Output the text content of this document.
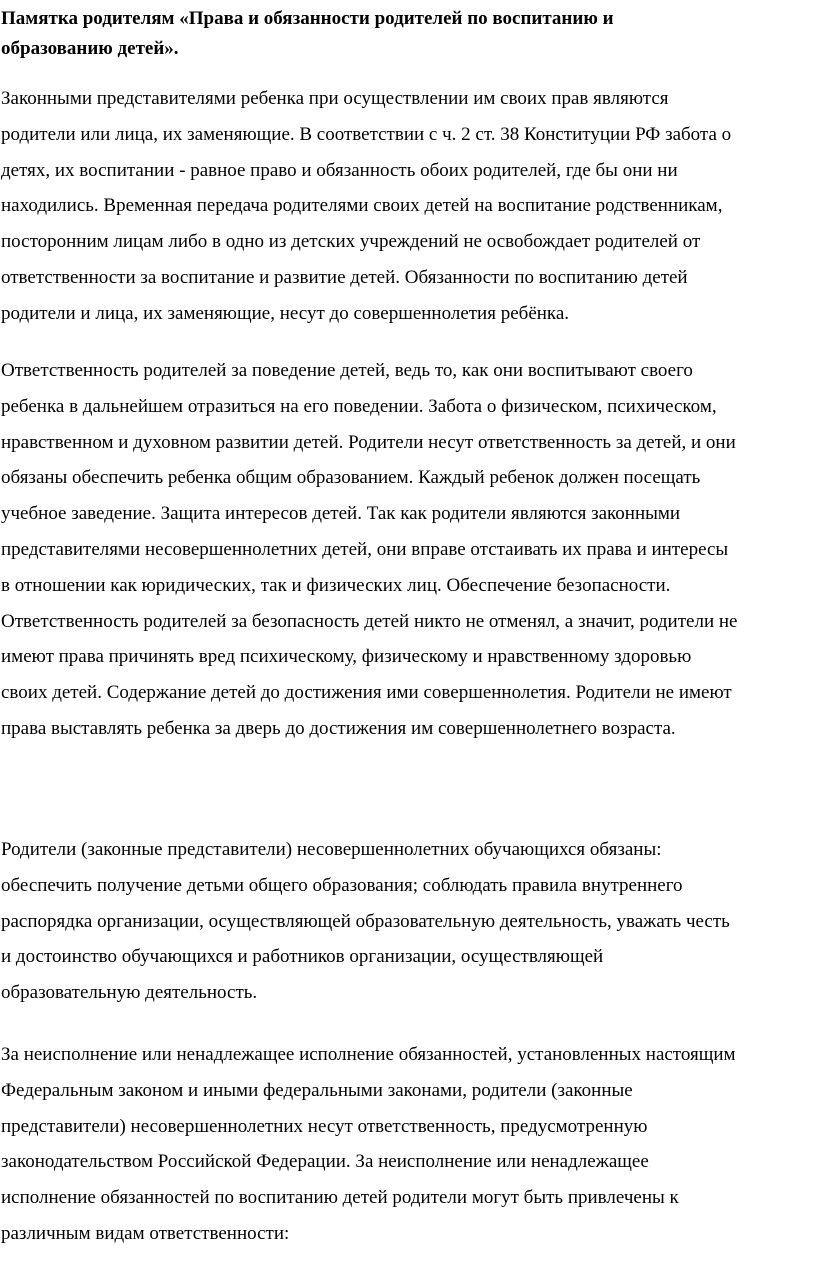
Памятка родителям «Права и обязанности родителей по воспитанию и
образованию детей».

Законными представителями ребенка при осуществлении им своих прав являются
родители или лица, их заменяющие. В соответствии с ч. 2 ст. 38 Конституции РФ забота о
детях, их воспитании - равное право и обязанность обоих родителей, где бы они ни
находились. Временная передача родителями своих детей на воспитание родственникам,
посторонним лицам либо в одно из детских учреждений не освобождает родителей от
ответственности за воспитание и развитие детей. Обязанности по воспитанию детей
родители и лица, их заменяющие, несут до совершеннолетия ребёнка.

Ответственность родителей за поведение детей, ведь то, как они воспитывают своего
ребенка в дальнейшем отразиться на его поведении. Забота о физическом, психическом,
нравственном и духовном развитии детей. Родители несут ответственность за детей, и они
обязаны обеспечить ребенка общим образованием. Каждый ребенок должен посещать
учебное заведение. Защита интересов детей. Так как родители являются законными
представителями несовершеннолетних детей, они вправе отстаивать их права и интересы
в отношении как юридических, так и физических лиц. Обеспечение безопасности.
Ответственность родителей за безопасность детей никто не отменял, а значит, родители не
имеют права причинять вред психическому, физическому и нравственному здоровью
своих детей. Содержание детей до достижения ими совершеннолетия. Родители не имеют
права выставлять ребенка за дверь до достижения им совершеннолетнего возраста.

Родители (законные представители) несовершеннолетних обучающихся обязаны:
обеспечить получение детьми общего образования; соблюдать правила внутреннего
распорядка организации, осуществляющей образовательную деятельность, уважать честь
и достоинство обучающихся и работников организации, осуществляющей
образовательную деятельность.

За неисполнение или ненадлежащее исполнение обязанностей, установленных настоящим
Федеральным законом и иными федеральными законами, родители (законные
представители) несовершеннолетних несут ответственность, предусмотренную
законодательством Российской Федерации. За неисполнение или ненадлежащее
исполнение обязанностей по воспитанию детей родители могут быть привлечены к
различным видам ответственности:
